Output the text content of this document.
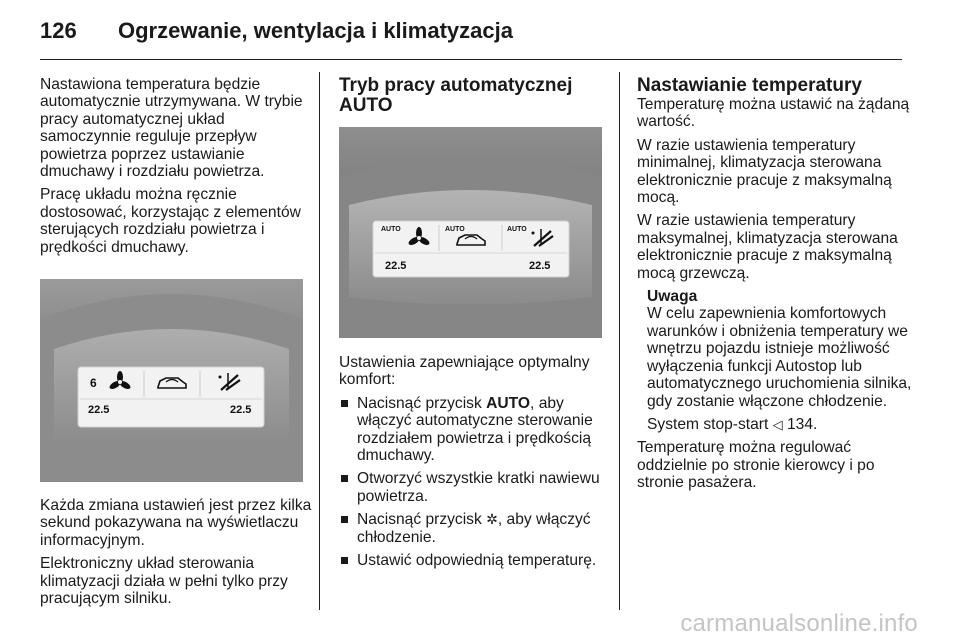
126 Ogrzewanie, wentylacja i klimatyzacja

Nastawiona temperatura będzie automatycznie utrzymywana. W trybie pracy automatycznej układ samoczynnie reguluje przepływ powietrza poprzez ustawianie dmuchawy i rozdziału powietrza.

Pracę układu można ręcznie dostosować, korzystając z elementów sterujących rozdziału powietrza i prędkości dmuchawy.

6
22.5	22.5

Każda zmiana ustawień jest przez kilka sekund pokazywana na wyświetlaczu informacyjnym.

Elektroniczny układ sterowania klimatyzacji działa w pełni tylko przy pracującym silniku.

Tryb pracy automatycznej
AUTO
AUTO	AUTO	AUTO
22.5	22.5

Ustawienia zapewniające optymalny komfort:

Nacisnąć przycisk AUTO, aby włączyć automatyczne sterowanie rozdziałem powietrza i prędkością dmuchawy.
Otworzyć wszystkie kratki nawiewu powietrza.
Nacisnąć przycisk ✲, aby włączyć chłodzenie.
Ustawić odpowiednią temperaturę.
Nastawianie temperatury

Temperaturę można ustawić na żądaną wartość.

W razie ustawienia temperatury minimalnej, klimatyzacja sterowana elektronicznie pracuje z maksymalną mocą.

W razie ustawienia temperatury maksymalnej, klimatyzacja sterowana elektronicznie pracuje z maksymalną mocą grzewczą.

Uwaga

W celu zapewnienia komfortowych warunków i obniżenia temperatury we wnętrzu pojazdu istnieje możliwość wyłączenia funkcji Autostop lub automatycznego uruchomienia silnika, gdy zostanie włączone chłodzenie.

System stop-start ◁ 134.

Temperaturę można regulować oddzielnie po stronie kierowcy i po stronie pasażera.

carmanualsonline.info
